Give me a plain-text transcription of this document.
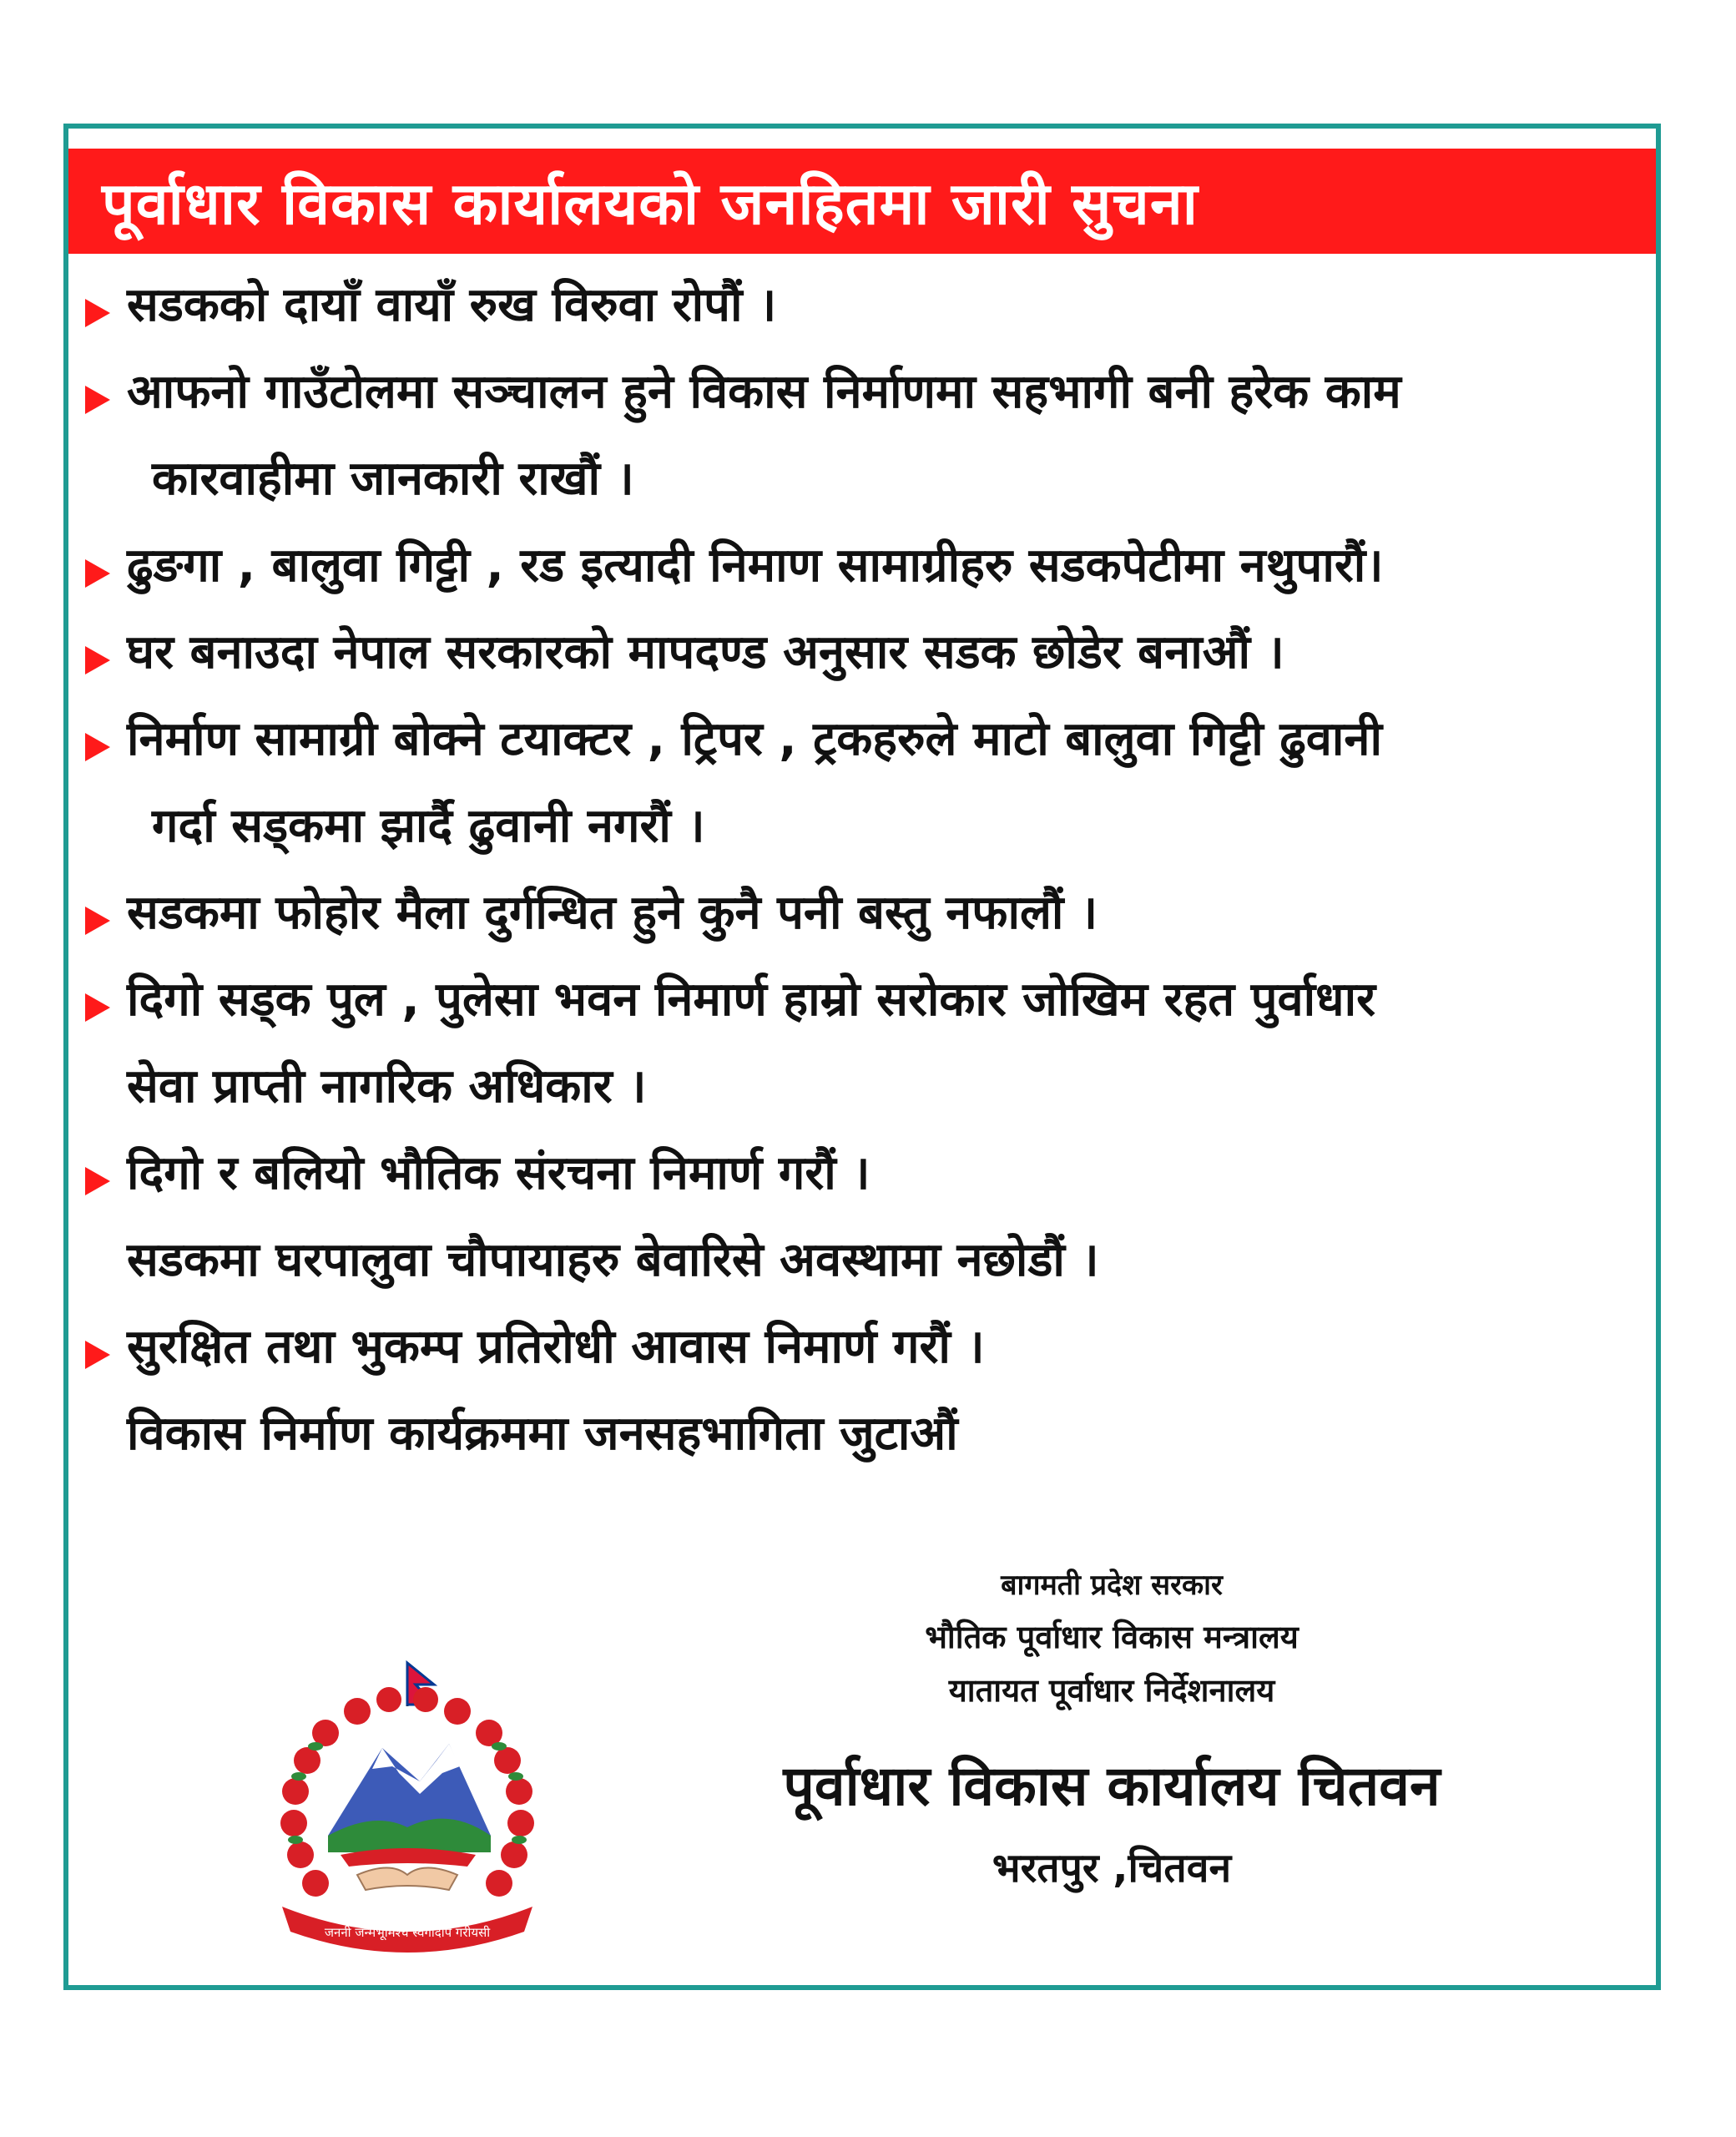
पूर्वाधार विकास कार्यालयको जनहितमा जारी सुचना
सडकको दायाँ वायाँ रुख विरुवा रोपौं ।
आफनो गाउँटोलमा सञ्चालन हुने विकास निर्माणमा सहभागी बनी हरेक काम
कारवाहीमा जानकारी राखौं ।
ढुङगा , बालुवा गिट्टी , रड इत्यादी निमाण सामाग्रीहरु सडकपेटीमा नथुपारौं।
घर बनाउदा नेपाल सरकारको मापदण्ड अनुसार सडक छोडेर बनाऔं ।
निर्माण सामाग्री बोक्ने टयाक्टर , ट्रिपर , ट्रकहरुले माटो बालुवा गिट्टी ढुवानी
गर्दा सड्कमा झार्दै ढुवानी नगरौं ।
सडकमा फोहोर मैला दुर्गन्धित हुने कुनै पनी बस्तु नफालौं ।
दिगो सड्क पुल , पुलेसा भवन निमार्ण हाम्रो सरोकार जोखिम रहत पुर्वाधार
सेवा प्राप्ती नागरिक अधिकार ।
दिगो र बलियो भौतिक संरचना निमार्ण गरौं ।
सडकमा घरपालुवा चौपायाहरु बेवारिसे अवस्थामा नछोडौं ।
सुरक्षित तथा भुकम्प प्रतिरोधी आवास निमार्ण गरौं ।
विकास निर्माण कार्यक्रममा जनसहभागिता जुटाऔं
जननी जन्मभूमिश्च स्वर्गादपि गरीयसी
बागमती प्रदेश सरकार
भौतिक पूर्वाधार विकास मन्त्रालय
यातायत पूर्वाधार निर्देशनालय
पूर्वाधार विकास कार्यालय चितवन
भरतपुर ,चितवन
